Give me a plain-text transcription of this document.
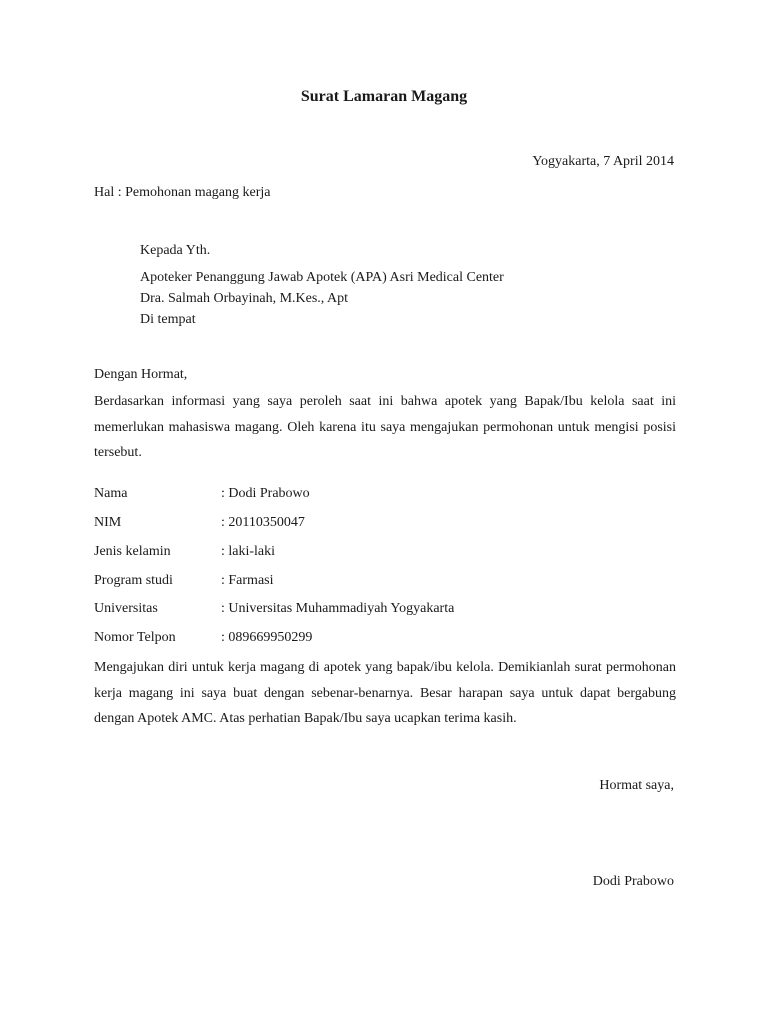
Surat Lamaran Magang
Yogyakarta, 7 April 2014
Hal : Pemohonan magang kerja
Kepada Yth.
Apoteker Penanggung Jawab Apotek (APA) Asri Medical Center
Dra. Salmah Orbayinah, M.Kes., Apt
Di tempat
Dengan Hormat,
Berdasarkan informasi yang saya peroleh saat ini bahwa apotek yang Bapak/Ibu kelola saat ini memerlukan mahasiswa magang. Oleh karena itu saya mengajukan permohonan untuk mengisi posisi tersebut.
Nama	: Dodi Prabowo
NIM	: 20110350047
Jenis kelamin	: laki-laki
Program studi	: Farmasi
Universitas	: Universitas Muhammadiyah Yogyakarta
Nomor Telpon	: 089669950299
Mengajukan diri untuk kerja magang di apotek yang bapak/ibu kelola. Demikianlah surat permohonan kerja magang ini saya buat dengan sebenar-benarnya. Besar harapan saya untuk dapat bergabung dengan Apotek AMC. Atas perhatian Bapak/Ibu saya ucapkan terima kasih.
Hormat saya,
Dodi Prabowo
